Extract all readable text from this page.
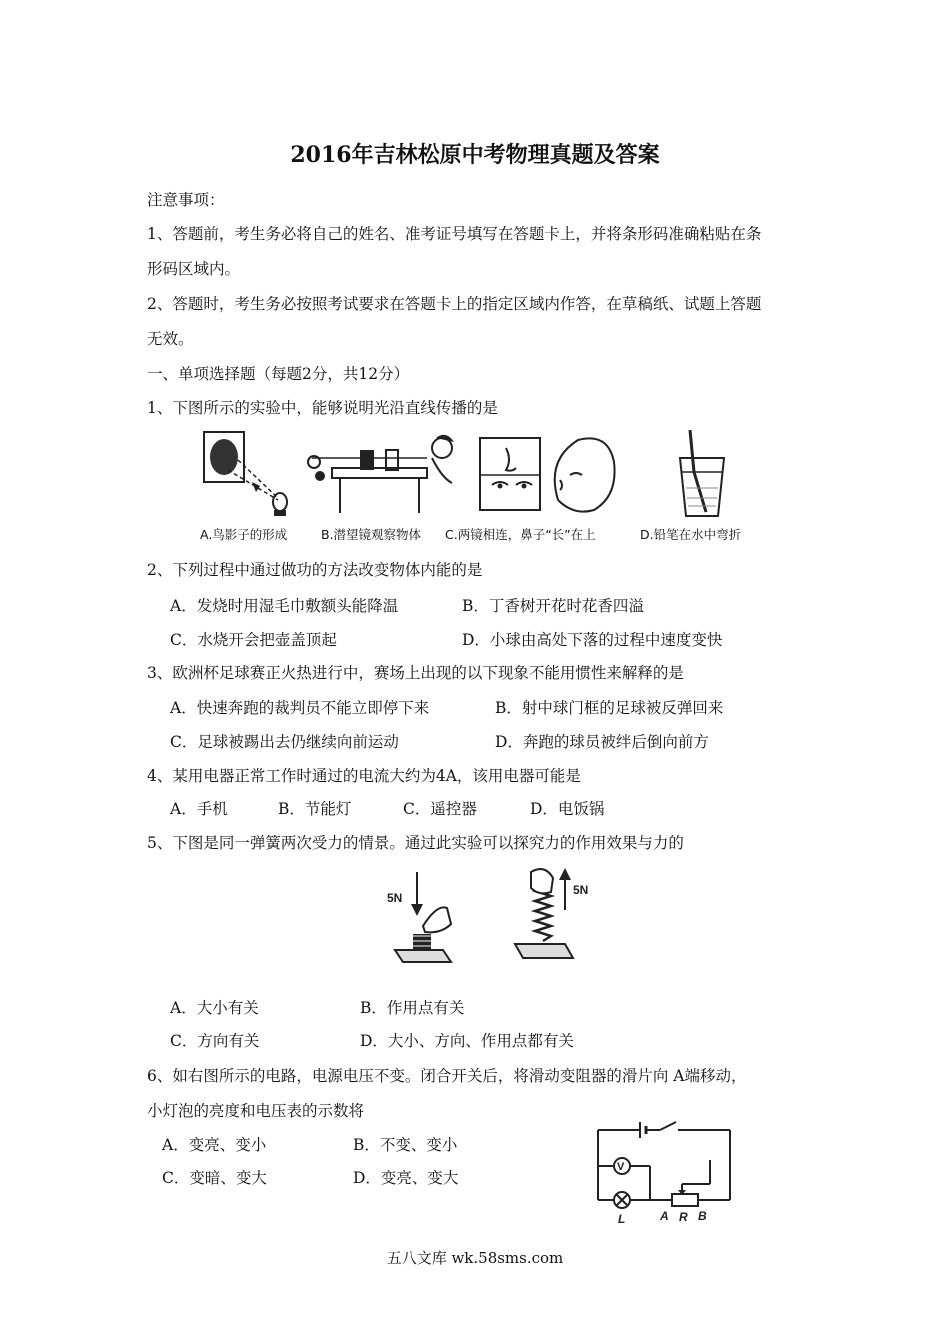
2016年吉林松原中考物理真题及答案
注意事项：
1、答题前，考生务必将自己的姓名、准考证号填写在答题卡上，并将条形码准确粘贴在条
形码区域内。
2、答题时，考生务必按照考试要求在答题卡上的指定区域内作答，在草稿纸、试题上答题
无效。
一、单项选择题（每题2分，共12分）
1、下图所示的实验中，能够说明光沿直线传播的是
A.鸟影子的形成	B.潜望镜观察物体 C.两镜相连，鼻子“长”在上	D.铅笔在水中弯折
2、下列过程中通过做功的方法改变物体内能的是
A．发烧时用湿毛巾敷额头能降温	B．丁香树开花时花香四溢
C．水烧开会把壶盖顶起	D．小球由高处下落的过程中速度变快
3、欧洲杯足球赛正火热进行中，赛场上出现的以下现象不能用惯性来解释的是
A．快速奔跑的裁判员不能立即停下来	B．射中球门框的足球被反弹回来
C．足球被踢出去仍继续向前运动	D．奔跑的球员被绊后倒向前方
4、某用电器正常工作时通过的电流大约为4A，该用电器可能是
A．手机	B．节能灯	C．遥控器	D．电饭锅
5、下图是同一弹簧两次受力的情景。通过此实验可以探究力的作用效果与力的
5N
5N
A．大小有关	B．作用点有关
C．方向有关	D．大小、方向、作用点都有关
6、如右图所示的电路，电源电压不变。闭合开关后，将滑动变阻器的滑片向 A端移动，
小灯泡的亮度和电压表的示数将
A．变亮、变小	B．不变、变小
C．变暗、变大	D．变亮、变大
V
L	A R B
五八文库 wk.58sms.com
